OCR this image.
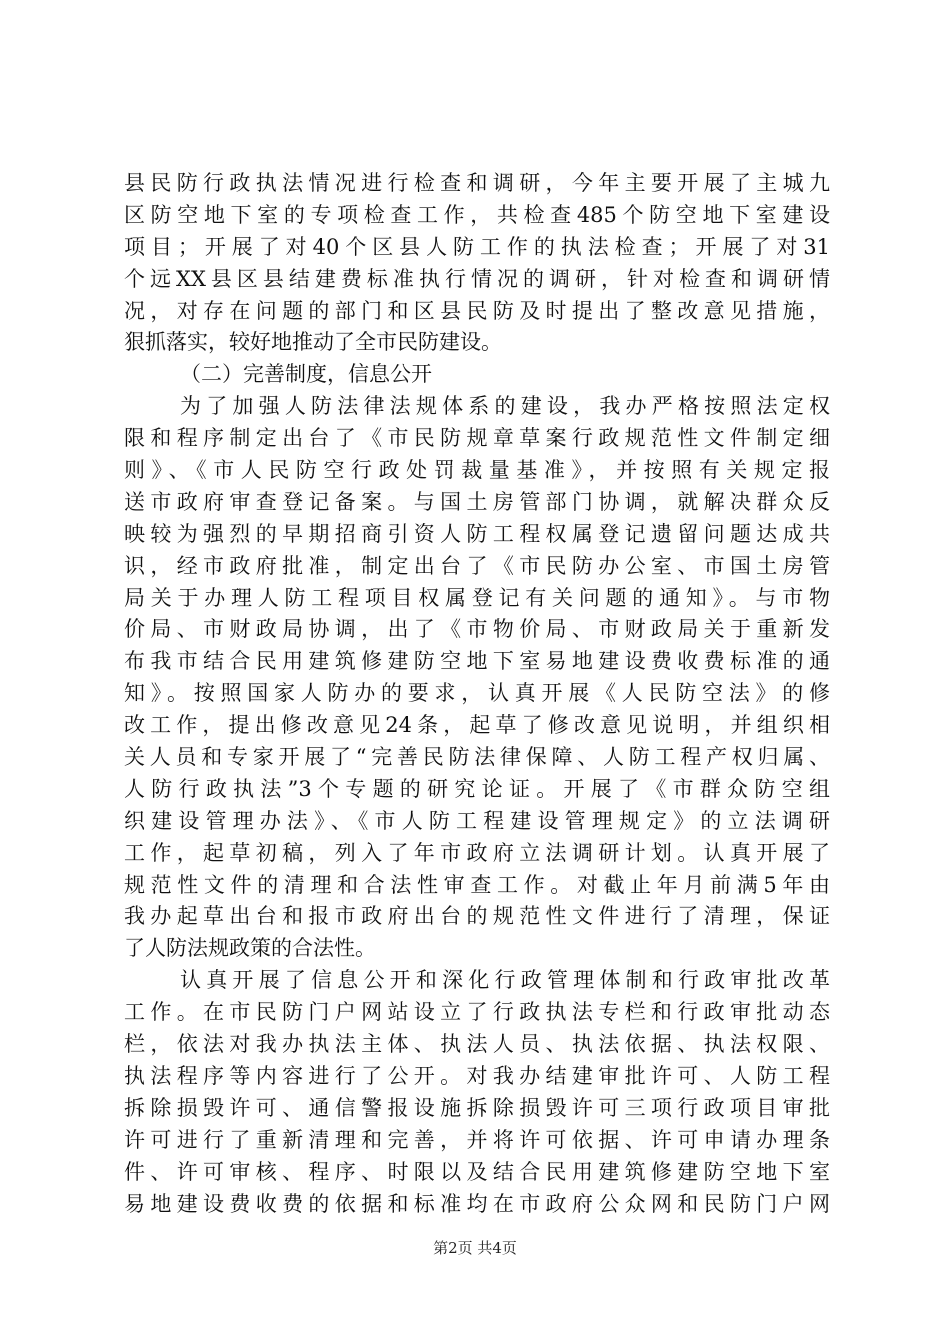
县民防行政执法情况进行检查和调研，今年主要开展了主城九
区防空地下室的专项检查工作，共检查485个防空地下室建设
项目；开展了对40个区县人防工作的执法检查；开展了对31
个远XX县区县结建费标准执行情况的调研，针对检查和调研情
况，对存在问题的部门和区县民防及时提出了整改意见措施，
狠抓落实，较好地推动了全市民防建设。
（二）完善制度，信息公开
为了加强人防法律法规体系的建设，我办严格按照法定权
限和程序制定出台了《市民防规章草案行政规范性文件制定细
则》、《市人民防空行政处罚裁量基准》，并按照有关规定报
送市政府审查登记备案。与国土房管部门协调，就解决群众反
映较为强烈的早期招商引资人防工程权属登记遗留问题达成共
识，经市政府批准，制定出台了《市民防办公室、市国土房管
局关于办理人防工程项目权属登记有关问题的通知》。与市物
价局、市财政局协调，出了《市物价局、市财政局关于重新发
布我市结合民用建筑修建防空地下室易地建设费收费标准的通
知》。按照国家人防办的要求，认真开展《人民防空法》的修
改工作，提出修改意见24条，起草了修改意见说明，并组织相
关人员和专家开展了“完善民防法律保障、人防工程产权归属、
人防行政执法”3个专题的研究论证。开展了《市群众防空组
织建设管理办法》、《市人防工程建设管理规定》的立法调研
工作，起草初稿，列入了年市政府立法调研计划。认真开展了
规范性文件的清理和合法性审查工作。对截止年月前满5年由
我办起草出台和报市政府出台的规范性文件进行了清理，保证
了人防法规政策的合法性。
认真开展了信息公开和深化行政管理体制和行政审批改革
工作。在市民防门户网站设立了行政执法专栏和行政审批动态
栏，依法对我办执法主体、执法人员、执法依据、执法权限、
执法程序等内容进行了公开。对我办结建审批许可、人防工程
拆除损毁许可、通信警报设施拆除损毁许可三项行政项目审批
许可进行了重新清理和完善，并将许可依据、许可申请办理条
件、许可审核、程序、时限以及结合民用建筑修建防空地下室
易地建设费收费的依据和标准均在市政府公众网和民防门户网
第2页 共4页
